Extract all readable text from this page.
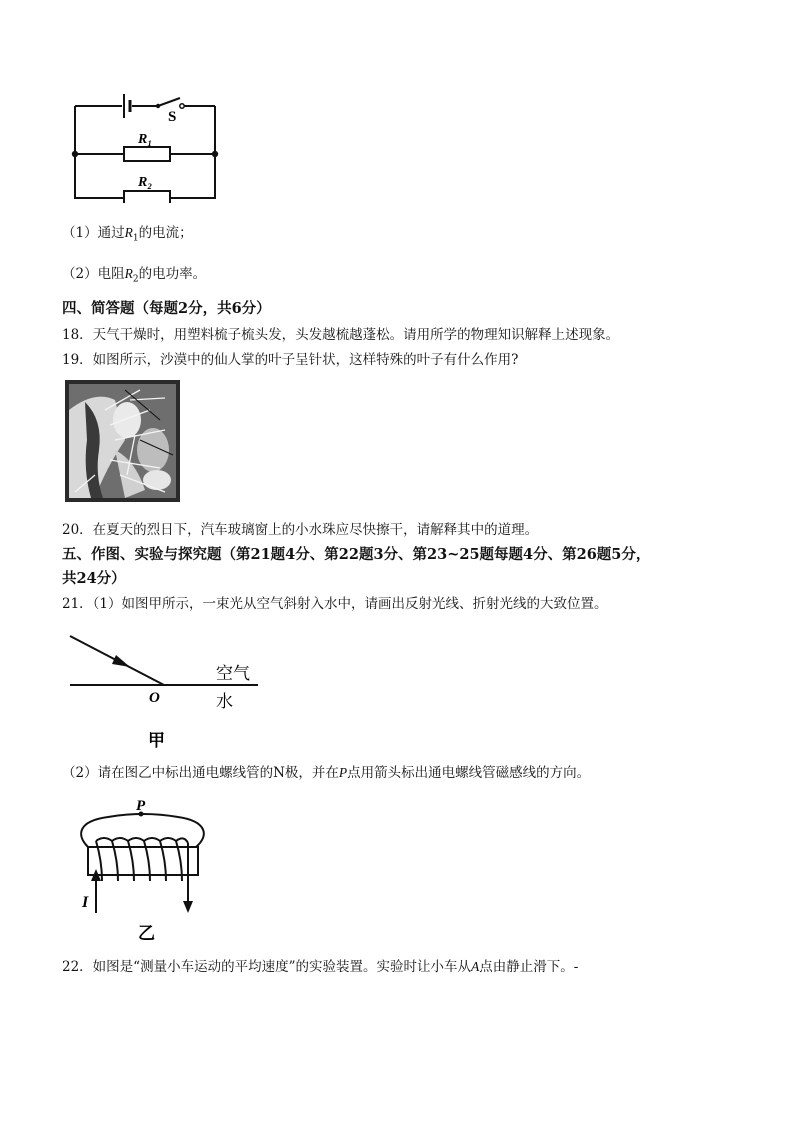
S
R₁
R₂
（1）通过$R_1$的电流；
（2）电阻$R_2$的电功率。
四、简答题（每题2分，共6分）
18．天气干燥时，用塑料梳子梳头发，头发越梳越蓬松。请用所学的物理知识解释上述现象。
19．如图所示，沙漠中的仙人掌的叶子呈针状，这样特殊的叶子有什么作用?
20．在夏天的烈日下，汽车玻璃窗上的小水珠应尽快擦干，请解释其中的道理。
五、作图、实验与探究题（第21题4分、第22题3分、第23~25题每题4分、第26题5分，
共24分）
21．（1）如图甲所示，一束光从空气斜射入水中，请画出反射光线、折射光线的大致位置。
O
空气
水
甲
（2）请在图乙中标出通电螺线管的N极，并在P点用箭头标出通电螺线管磁感线的方向。
P
I
乙
22．如图是“测量小车运动的平均速度”的实验装置。实验时让小车从A点由静止滑下。-
